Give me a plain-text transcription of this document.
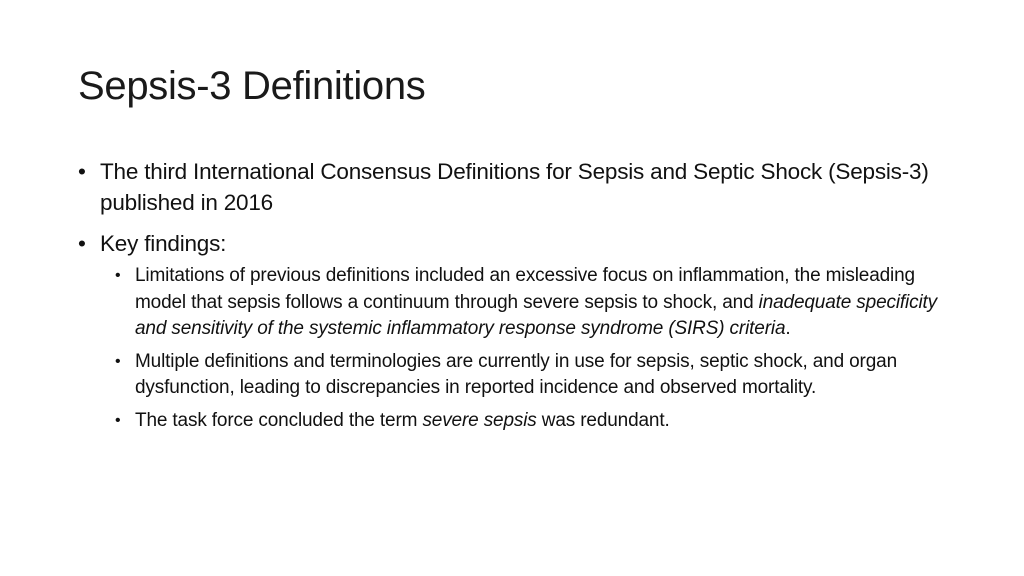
Sepsis-3 Definitions
• The third International Consensus Definitions for Sepsis and Septic Shock (Sepsis-3) published in 2016
• Key findings:
• Limitations of previous definitions included an excessive focus on inflammation, the misleading model that sepsis follows a continuum through severe sepsis to shock, and inadequate specificity and sensitivity of the systemic inflammatory response syndrome (SIRS) criteria.
• Multiple definitions and terminologies are currently in use for sepsis, septic shock, and organ dysfunction, leading to discrepancies in reported incidence and observed mortality.
• The task force concluded the term severe sepsis was redundant.
